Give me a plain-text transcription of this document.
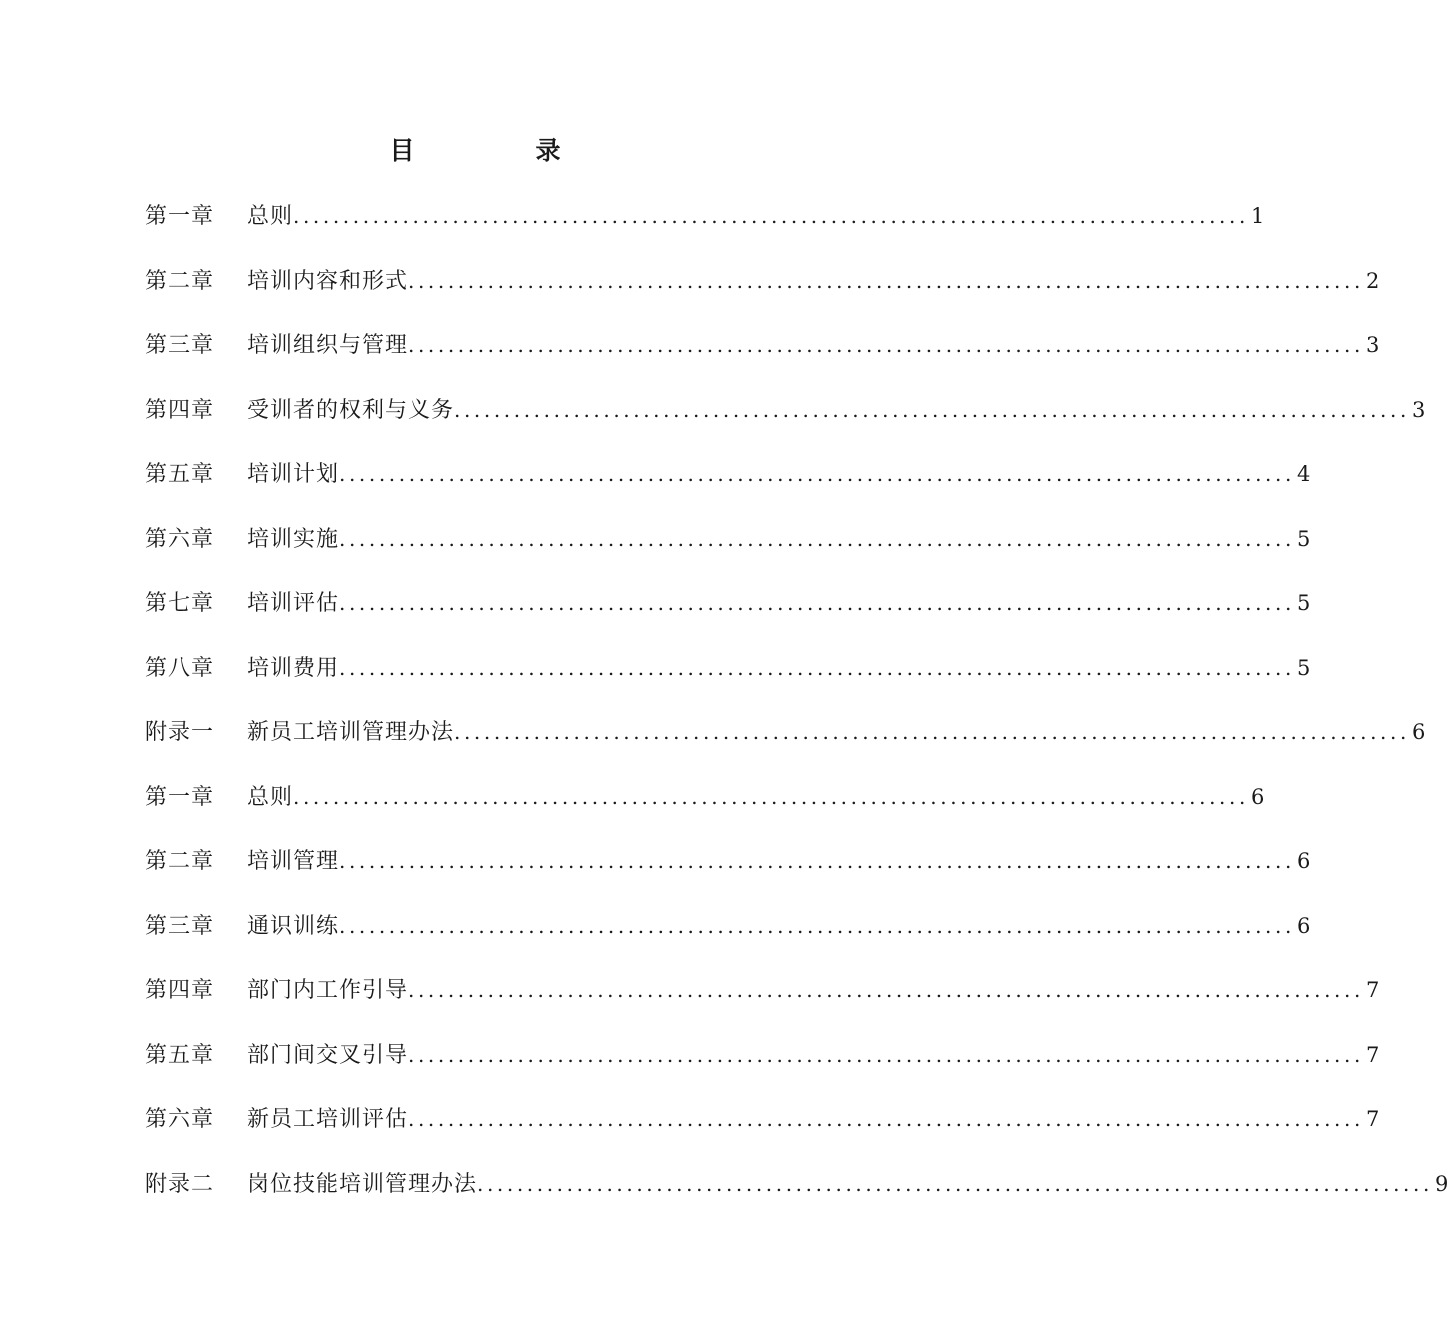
目　录
第一章	总则 ................................................................................................ 1
第二章	培训内容和形式 ................................................................................................ 2
第三章	培训组织与管理 ................................................................................................ 3
第四章	受训者的权利与义务 ................................................................................................ 3
第五章	培训计划 ................................................................................................ 4
第六章	培训实施 ................................................................................................ 5
第七章	培训评估 ................................................................................................ 5
第八章	培训费用 ................................................................................................ 5
附录一	新员工培训管理办法 ................................................................................................ 6
第一章	总则 ................................................................................................ 6
第二章	培训管理 ................................................................................................ 6
第三章	通识训练 ................................................................................................ 6
第四章	部门内工作引导 ................................................................................................ 7
第五章	部门间交叉引导 ................................................................................................ 7
第六章	新员工培训评估 ................................................................................................ 7
附录二	岗位技能培训管理办法 ................................................................................................ 9
